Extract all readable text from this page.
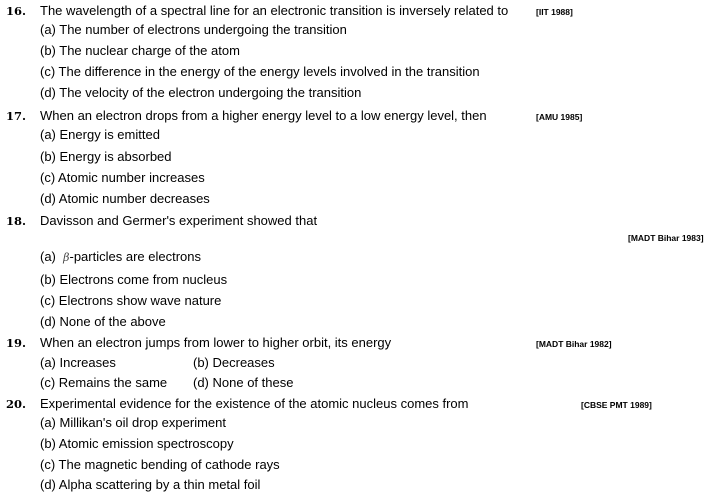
16. The wavelength of a spectral line for an electronic transition is inversely related to	[IIT 1988]
(a) The number of electrons undergoing the transition
(b) The nuclear charge of the atom
(c) The difference in the energy of the energy levels involved in the transition
(d) The velocity of the electron undergoing the transition
17. When an electron drops from a higher energy level to a low energy level, then	[AMU 1985]
(a) Energy is emitted
(b) Energy is absorbed
(c) Atomic number increases
(d) Atomic number decreases
18. Davisson and Germer's experiment showed that
[MADT Bihar 1983]
(a) β-particles are electrons
(b) Electrons come from nucleus
(c) Electrons show wave nature
(d) None of the above
19. When an electron jumps from lower to higher orbit, its energy	[MADT Bihar 1982]
(a) Increases	(b) Decreases
(c) Remains the same (d) None of these
20. Experimental evidence for the existence of the atomic nucleus comes from	[CBSE PMT 1989]
(a) Millikan's oil drop experiment
(b) Atomic emission spectroscopy
(c) The magnetic bending of cathode rays
(d) Alpha scattering by a thin metal foil
